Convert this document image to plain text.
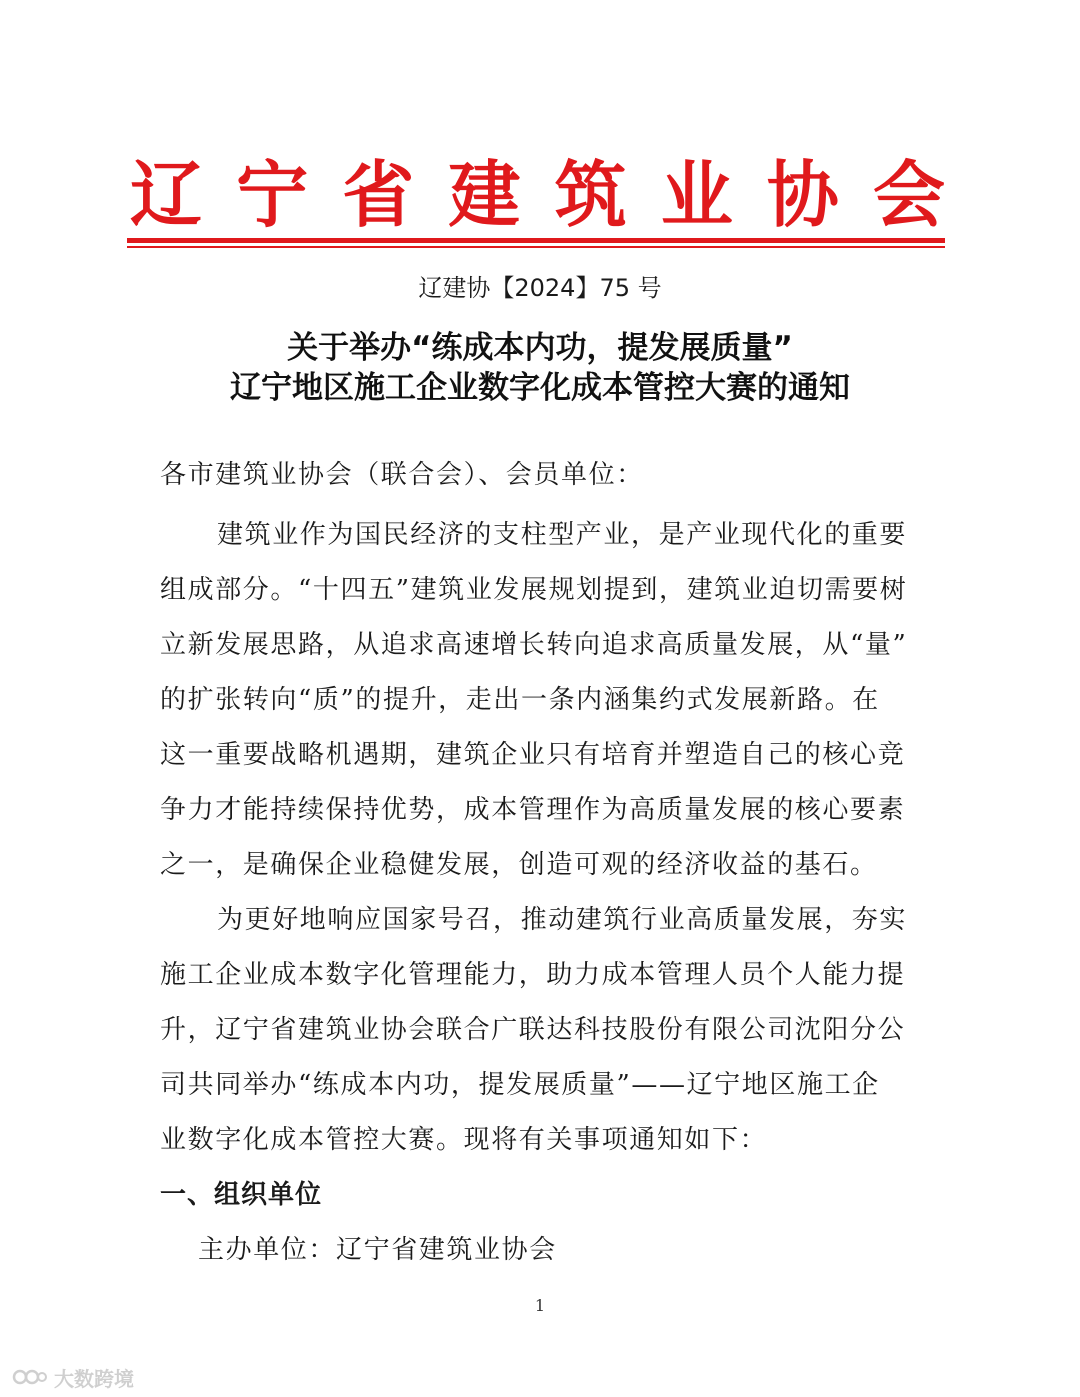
辽 宁 省 建 筑 业 协 会
辽建协【2024】75 号
关于举办“练成本内功，提发展质量”
辽宁地区施工企业数字化成本管控大赛的通知
各市建筑业协会（联合会）、会员单位：
建筑业作为国民经济的支柱型产业，是产业现代化的重要
组成部分。“十四五”建筑业发展规划提到，建筑业迫切需要树
立新发展思路，从追求高速增长转向追求高质量发展，从“量”
的扩张转向“质”的提升，走出一条内涵集约式发展新路。在
这一重要战略机遇期，建筑企业只有培育并塑造自己的核心竞
争力才能持续保持优势，成本管理作为高质量发展的核心要素
之一，是确保企业稳健发展，创造可观的经济收益的基石。
为更好地响应国家号召，推动建筑行业高质量发展，夯实
施工企业成本数字化管理能力，助力成本管理人员个人能力提
升，辽宁省建筑业协会联合广联达科技股份有限公司沈阳分公
司共同举办“练成本内功，提发展质量”——辽宁地区施工企
业数字化成本管控大赛。现将有关事项通知如下：
一、组织单位
主办单位：辽宁省建筑业协会
1
大数跨境
